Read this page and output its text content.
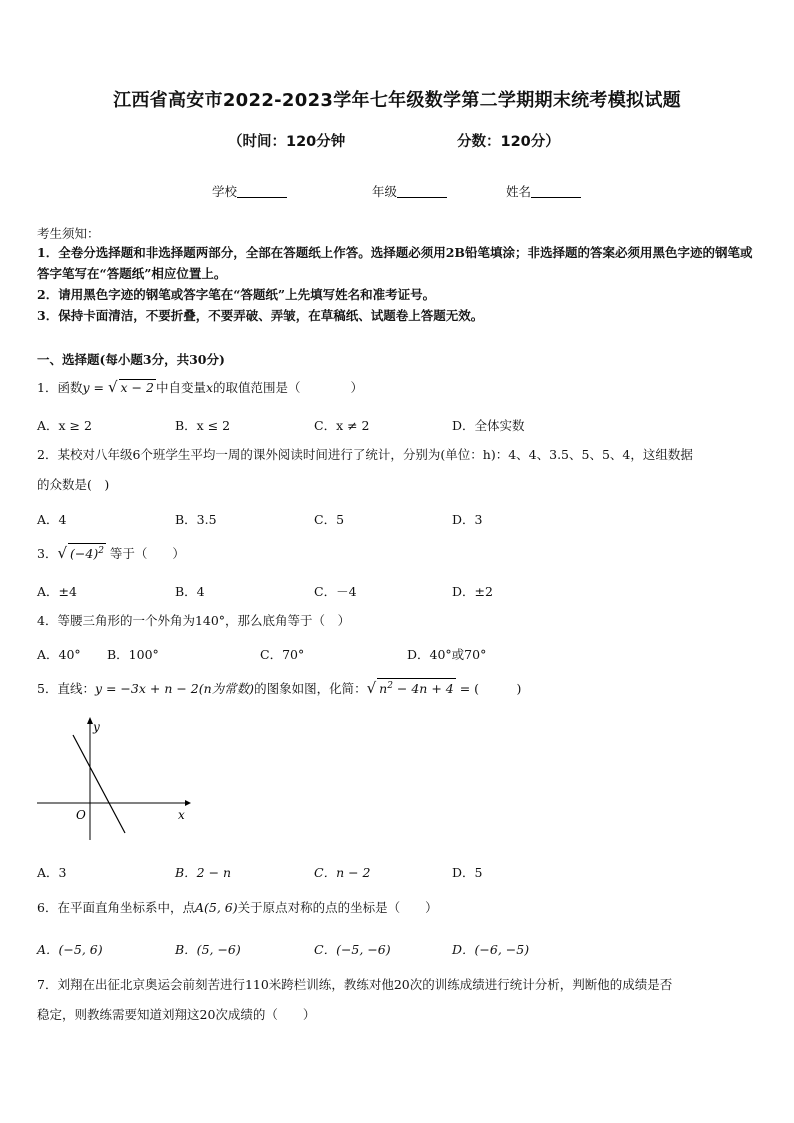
江西省高安市2022-2023学年七年级数学第二学期期末统考模拟试题
（时间：120分钟	分数：120分）
学校	年级	姓名
考生须知：
1．全卷分选择题和非选择题两部分，全部在答题纸上作答。选择题必须用2B铅笔填涂；非选择题的答案必须用黑色字迹的钢笔或答字笔写在“答题纸”相应位置上。
2．请用黑色字迹的钢笔或答字笔在“答题纸”上先填写姓名和准考证号。
3．保持卡面清洁，不要折叠，不要弄破、弄皱，在草稿纸、试题卷上答题无效。
一、选择题(每小题3分，共30分)
1．函数y = √ x − 2 中自变量x的取值范围是（　　　　）
A．x ≥ 2	B．x ≤ 2	C．x ≠ 2	D．全体实数
2．某校对八年级6个班学生平均一周的课外阅读时间进行了统计，分别为(单位：h)：4、4、3.5、5、5、4，这组数据
的众数是(　)
A．4	B．3.5	C．5	D．3
3．√ $(-4)^2$ 等于（　　）
A．±4	B．4	C．－4	D．±2
4．等腰三角形的一个外角为140°，那么底角等于（　）
A．40° B．100°	C．70°	D．40°或70°
5．直线：y = −3x + n − 2(n为常数)的图象如图，化简：√ $n^2 - 4n + 4$ = (　　　)
y
x
O
A．3	B．2 − n	C．n − 2	D．5
6．在平面直角坐标系中，点A(5, 6)关于原点对称的点的坐标是（　　）
A．(−5, 6)	B．(5, −6)	C．(−5, −6)	D．(−6, −5)
7．刘翔在出征北京奥运会前刻苦进行110米跨栏训练，教练对他20次的训练成绩进行统计分析，判断他的成绩是否
稳定，则教练需要知道刘翔这20次成绩的（　　）
